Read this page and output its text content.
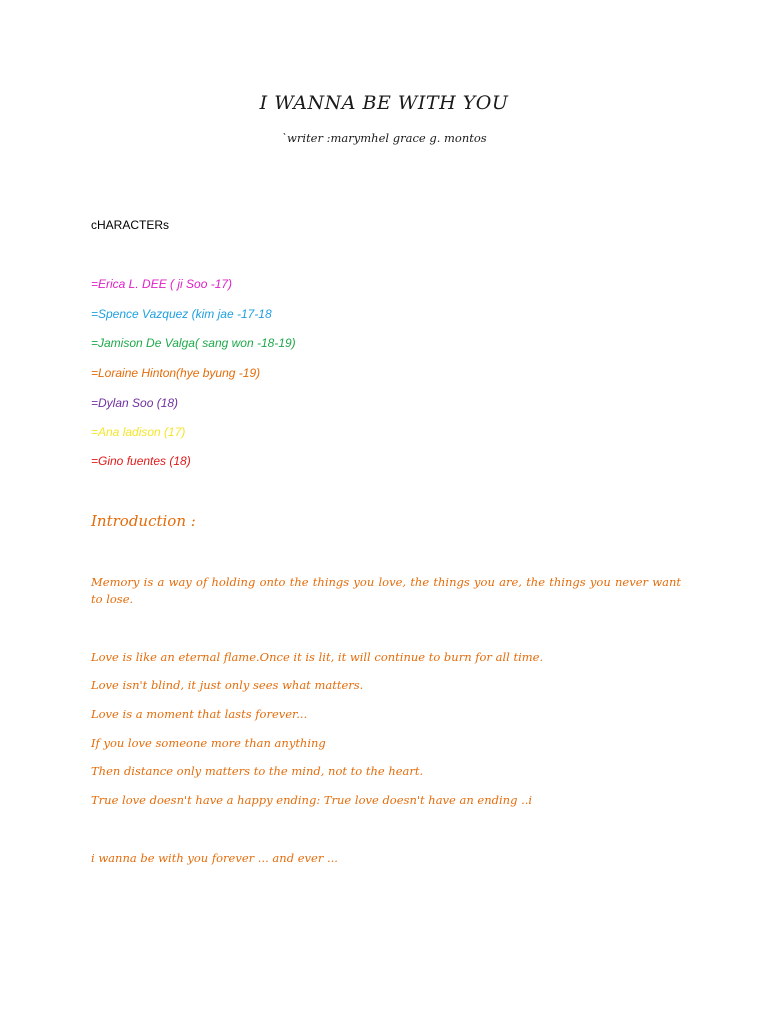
I WANNA BE WITH YOU
`writer :marymhel grace g. montos
cHARACTERs
=Erica L. DEE ( ji Soo -17)
=Spence Vazquez (kim jae -17-18
=Jamison De Valga( sang won -18-19)
=Loraine Hinton(hye byung -19)
=Dylan Soo (18)
=Ana ladison (17)
=Gino fuentes (18)
Introduction :
Memory is a way of holding onto the things you love, the things you are, the things you never want to lose.
Love is like an eternal flame.Once it is lit, it will continue to burn for all time.
Love isn't blind, it just only sees what matters.
Love is a moment that lasts forever...
If you love someone more than anything
Then distance only matters to the mind, not to the heart.
True love doesn't have a happy ending: True love doesn't have an ending ..i
i wanna be with you forever ... and ever ...
